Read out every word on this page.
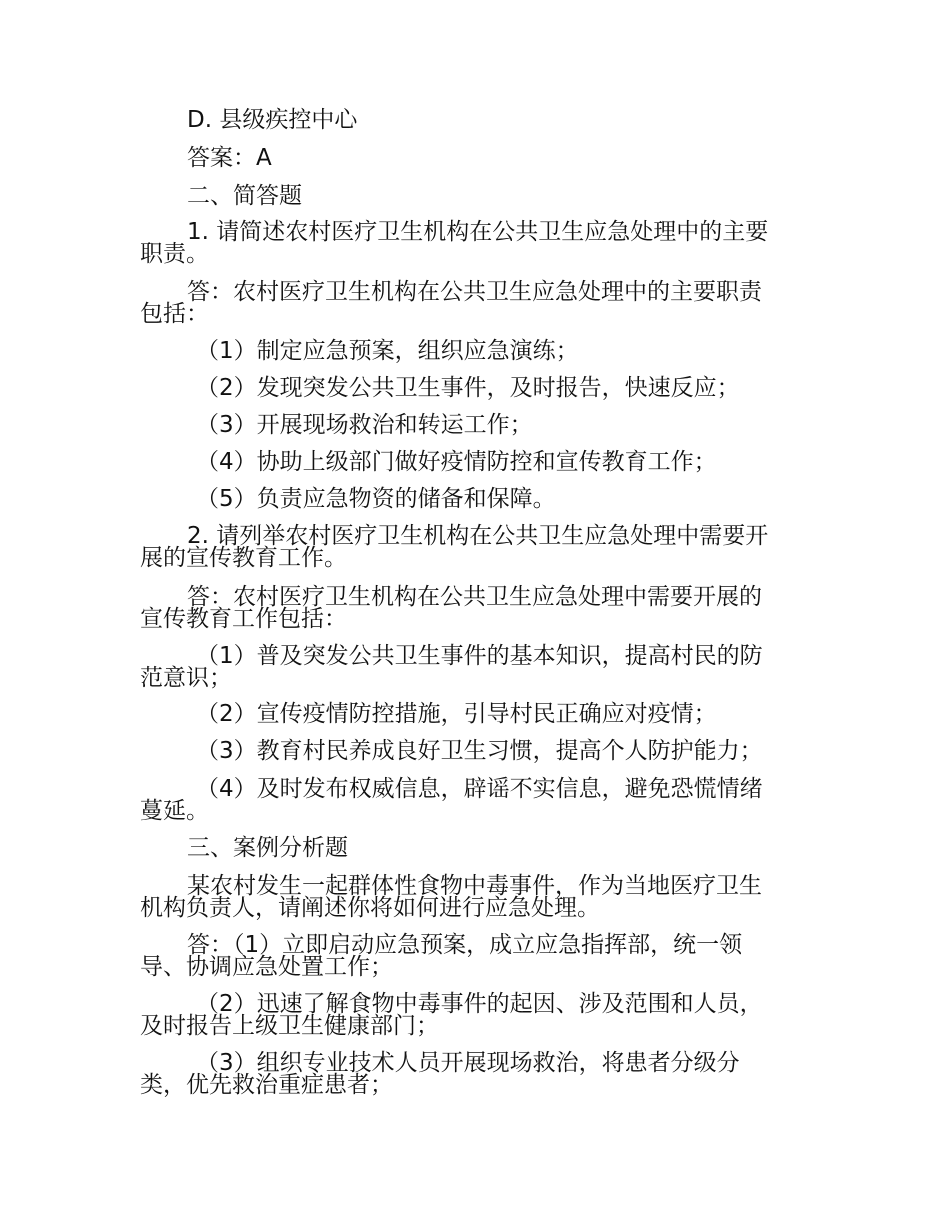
D. 县级疾控中心
答案：A
二、简答题
1. 请简述农村医疗卫生机构在公共卫生应急处理中的主要
职责。
答：农村医疗卫生机构在公共卫生应急处理中的主要职责
包括：
（1）制定应急预案，组织应急演练；
（2）发现突发公共卫生事件，及时报告，快速反应；
（3）开展现场救治和转运工作；
（4）协助上级部门做好疫情防控和宣传教育工作；
（5）负责应急物资的储备和保障。
2. 请列举农村医疗卫生机构在公共卫生应急处理中需要开
展的宣传教育工作。
答：农村医疗卫生机构在公共卫生应急处理中需要开展的
宣传教育工作包括：
（1）普及突发公共卫生事件的基本知识，提高村民的防
范意识；
（2）宣传疫情防控措施，引导村民正确应对疫情；
（3）教育村民养成良好卫生习惯，提高个人防护能力；
（4）及时发布权威信息，辟谣不实信息，避免恐慌情绪
蔓延。
三、案例分析题
某农村发生一起群体性食物中毒事件，作为当地医疗卫生
机构负责人，请阐述你将如何进行应急处理。
答：（1）立即启动应急预案，成立应急指挥部，统一领
导、协调应急处置工作；
（2）迅速了解食物中毒事件的起因、涉及范围和人员，
及时报告上级卫生健康部门；
（3）组织专业技术人员开展现场救治，将患者分级分
类，优先救治重症患者；
